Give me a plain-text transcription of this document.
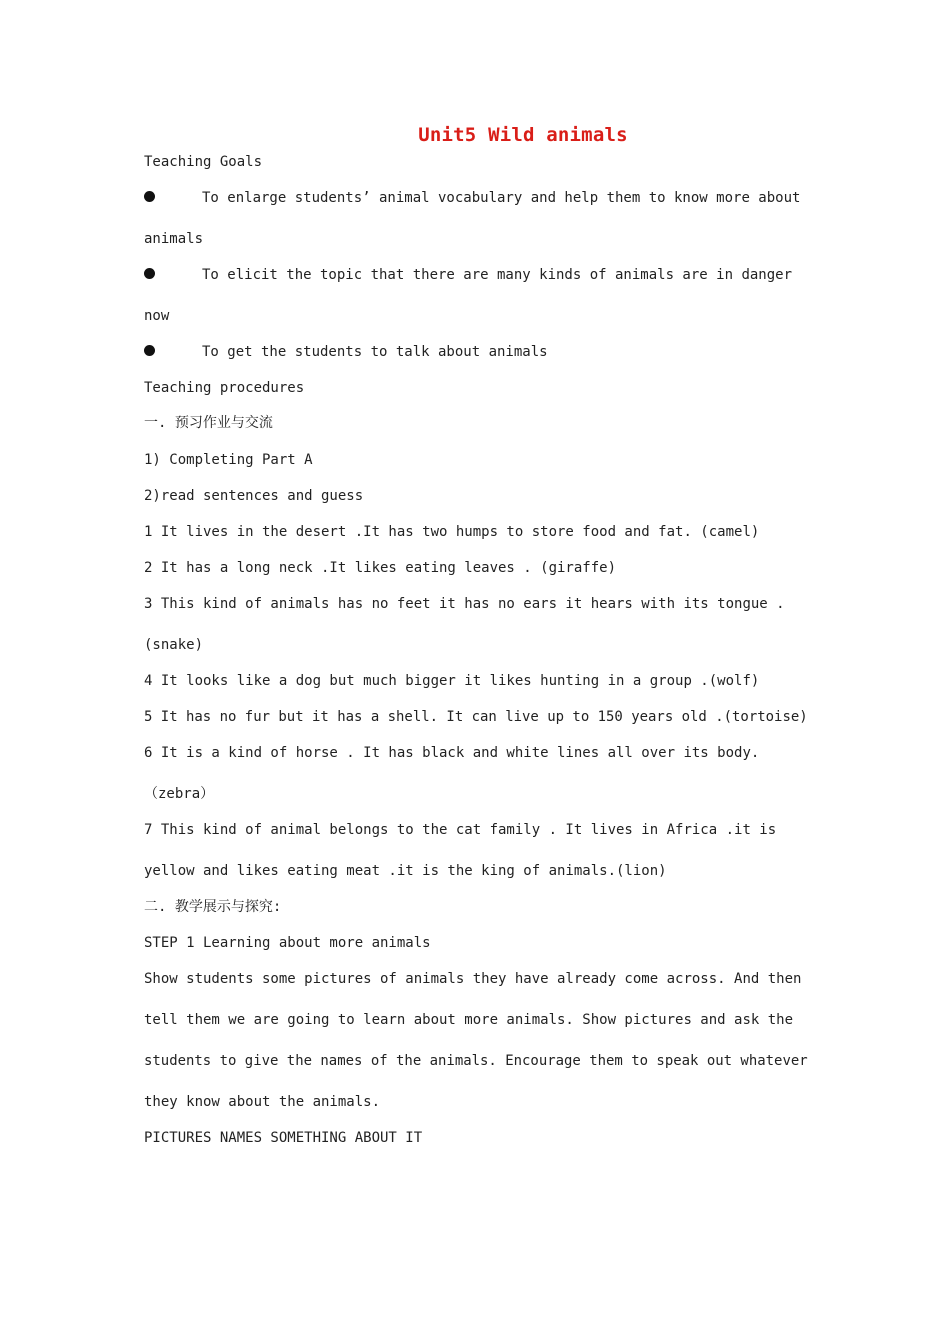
Unit5 Wild animals
Teaching Goals
To enlarge students’ animal vocabulary and help them to know more about
animals
To elicit the topic that there are many kinds of animals are in danger
now
To get the students to talk about animals
Teaching procedures
一. 预习作业与交流
1) Completing Part A
2)read sentences and guess
1 It lives in the desert .It has two humps to store food and fat. (camel)
2 It has a long neck .It likes eating leaves . (giraffe)
3 This kind of animals has no feet it has no ears it hears with its tongue .
(snake)
4 It looks like a dog but much bigger it likes hunting in a group .(wolf)
5 It has no fur but it has a shell. It can live up to 150 years old .(tortoise)
6 It is a kind of horse . It has black and white lines all over its body.
（zebra）
7 This kind of animal belongs to the cat family . It lives in Africa .it is
yellow and likes eating meat .it is the king of animals.(lion)
二. 教学展示与探究:
STEP 1 Learning about more animals
Show students some pictures of animals they have already come across. And then
tell them we are going to learn about more animals. Show pictures and ask the
students to give the names of the animals. Encourage them to speak out whatever
they know about the animals.
PICTURES NAMES SOMETHING ABOUT IT
